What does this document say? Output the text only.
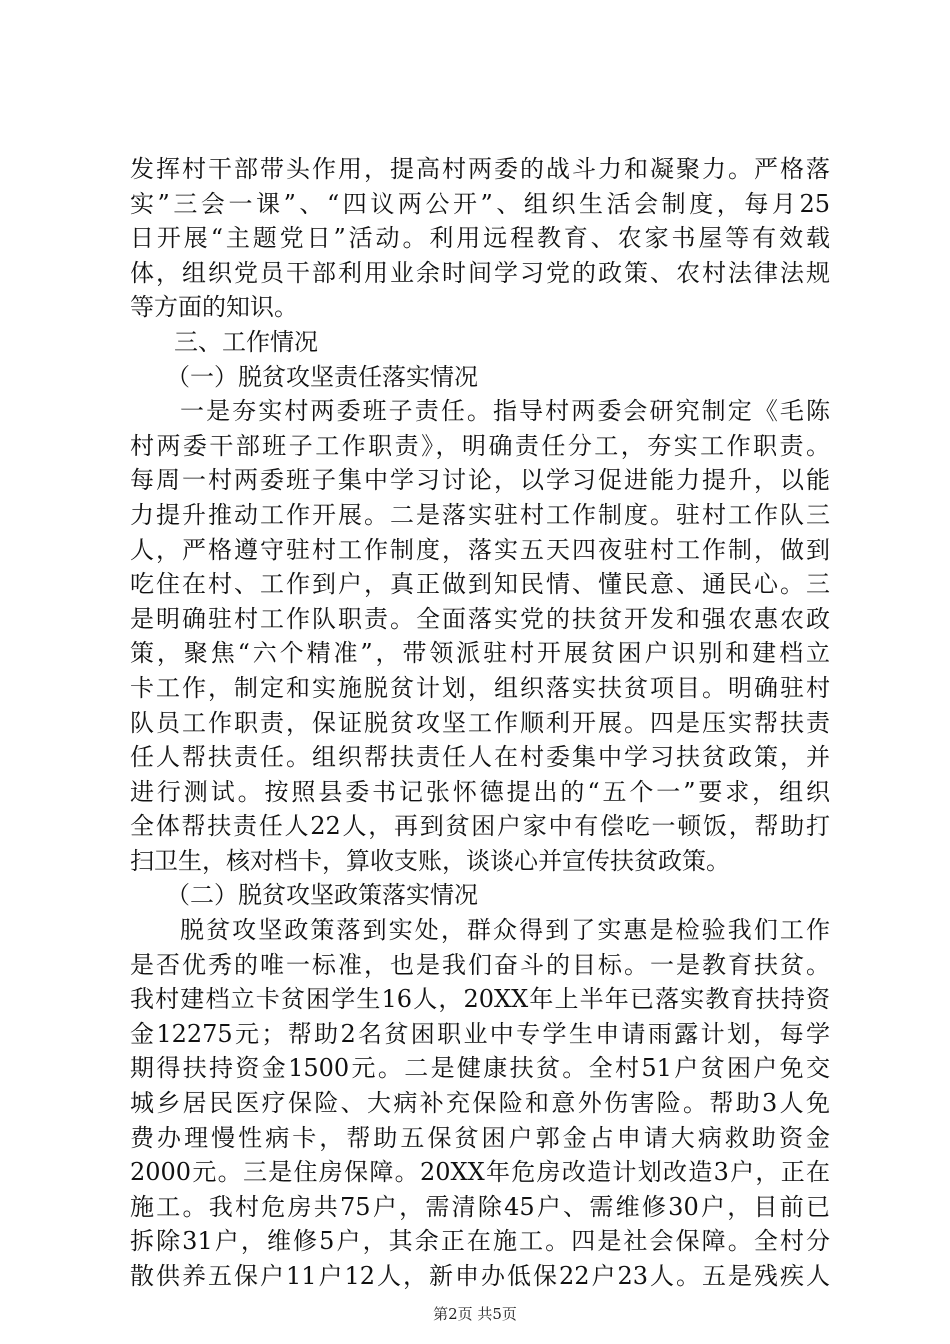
发挥村干部带头作用，提高村两委的战斗力和凝聚力。严格落
实”三会一课”、“四议两公开”、组织生活会制度，每月25
日开展“主题党日”活动。利用远程教育、农家书屋等有效载
体，组织党员干部利用业余时间学习党的政策、农村法律法规
等方面的知识。
三、工作情况
（一）脱贫攻坚责任落实情况
一是夯实村两委班子责任。指导村两委会研究制定《毛陈
村两委干部班子工作职责》，明确责任分工，夯实工作职责。
每周一村两委班子集中学习讨论，以学习促进能力提升，以能
力提升推动工作开展。二是落实驻村工作制度。驻村工作队三
人，严格遵守驻村工作制度，落实五天四夜驻村工作制，做到
吃住在村、工作到户，真正做到知民情、懂民意、通民心。三
是明确驻村工作队职责。全面落实党的扶贫开发和强农惠农政
策，聚焦“六个精准”，带领派驻村开展贫困户识别和建档立
卡工作，制定和实施脱贫计划，组织落实扶贫项目。明确驻村
队员工作职责，保证脱贫攻坚工作顺利开展。四是压实帮扶责
任人帮扶责任。组织帮扶责任人在村委集中学习扶贫政策，并
进行测试。按照县委书记张怀德提出的“五个一”要求，组织
全体帮扶责任人22人，再到贫困户家中有偿吃一顿饭，帮助打
扫卫生，核对档卡，算收支账，谈谈心并宣传扶贫政策。
（二）脱贫攻坚政策落实情况
脱贫攻坚政策落到实处，群众得到了实惠是检验我们工作
是否优秀的唯一标准，也是我们奋斗的目标。一是教育扶贫。
我村建档立卡贫困学生16人，20XX年上半年已落实教育扶持资
金12275元；帮助2名贫困职业中专学生申请雨露计划，每学
期得扶持资金1500元。二是健康扶贫。全村51户贫困户免交
城乡居民医疗保险、大病补充保险和意外伤害险。帮助3人免
费办理慢性病卡，帮助五保贫困户郭金占申请大病救助资金
2000元。三是住房保障。20XX年危房改造计划改造3户，正在
施工。我村危房共75户，需清除45户、需维修30户，目前已
拆除31户，维修5户，其余正在施工。四是社会保障。全村分
散供养五保户11户12人，新申办低保22户23人。五是残疾人
第2页 共5页
